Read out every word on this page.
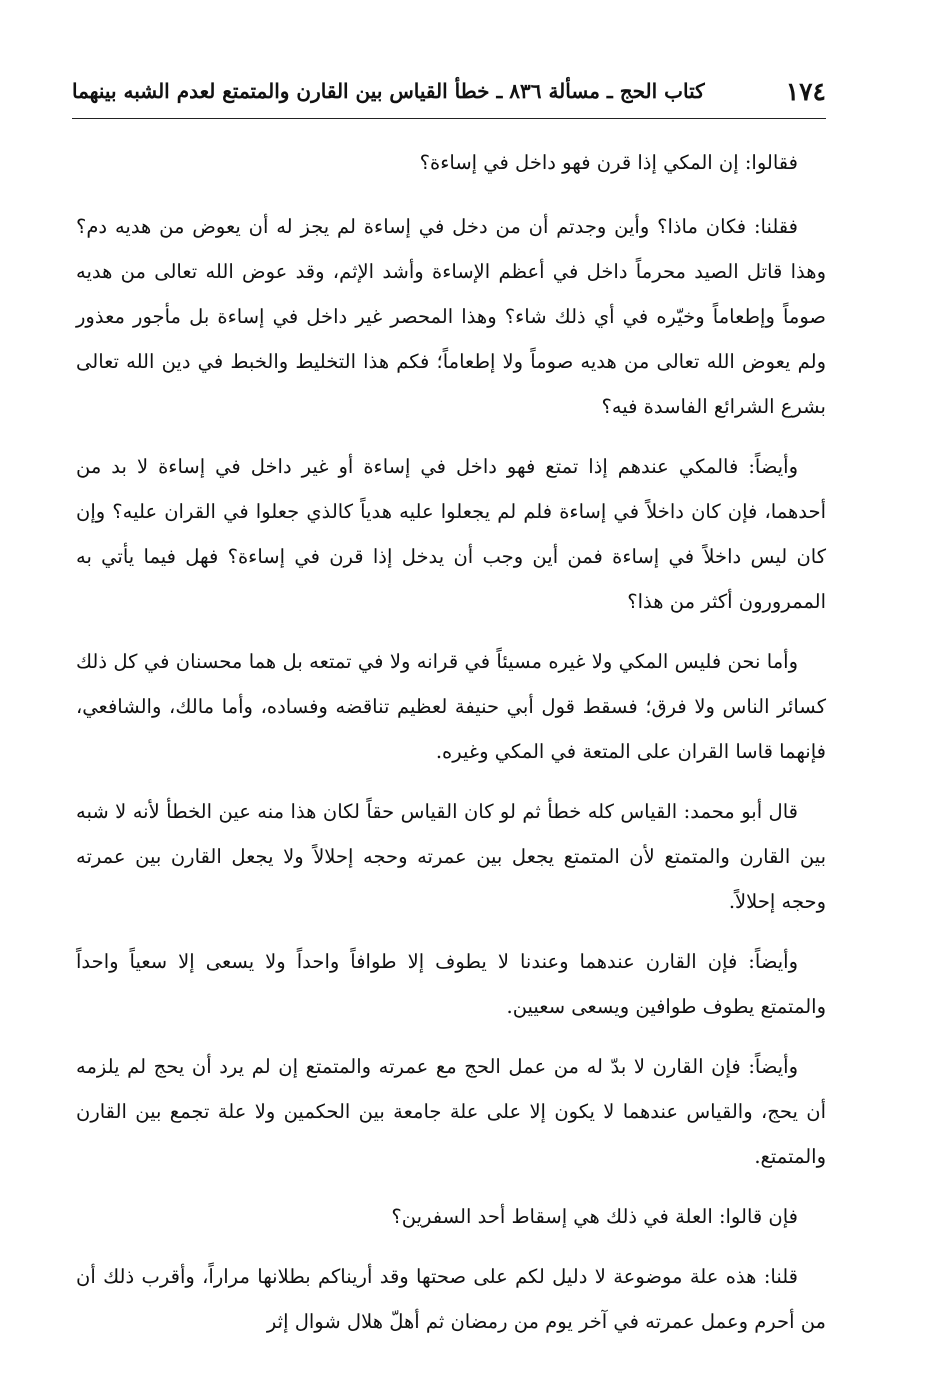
١٧٤
كتاب الحج ـ مسألة ٨٣٦ ـ خطأ القياس بين القارن والمتمتع لعدم الشبه بينهما

فقالوا: إن المكي إذا قرن فهو داخل في إساءة؟

فقلنا: فكان ماذا؟ وأين وجدتم أن من دخل في إساءة لم يجز له أن يعوض من هديه دم؟ وهذا قاتل الصيد محرماً داخل في أعظم الإساءة وأشد الإثم، وقد عوض الله تعالى من هديه صوماً وإطعاماً وخيّره في أي ذلك شاء؟ وهذا المحصر غير داخل في إساءة بل مأجور معذور ولم يعوض الله تعالى من هديه صوماً ولا إطعاماً؛ فكم هذا التخليط والخبط في دين الله تعالى بشرع الشرائع الفاسدة فيه؟

وأيضاً: فالمكي عندهم إذا تمتع فهو داخل في إساءة أو غير داخل في إساءة لا بد من أحدهما، فإن كان داخلاً في إساءة فلم لم يجعلوا عليه هدياً كالذي جعلوا في القران عليه؟ وإن كان ليس داخلاً في إساءة فمن أين وجب أن يدخل إذا قرن في إساءة؟ فهل فيما يأتي به الممرورون أكثر من هذا؟

وأما نحن فليس المكي ولا غيره مسيئاً في قرانه ولا في تمتعه بل هما محسنان في كل ذلك كسائر الناس ولا فرق؛ فسقط قول أبي حنيفة لعظيم تناقضه وفساده، وأما مالك، والشافعي، فإنهما قاسا القران على المتعة في المكي وغيره.

قال أبو محمد: القياس كله خطأ ثم لو كان القياس حقاً لكان هذا منه عين الخطأ لأنه لا شبه بين القارن والمتمتع لأن المتمتع يجعل بين عمرته وحجه إحلالاً ولا يجعل القارن بين عمرته وحجه إحلالاً.

وأيضاً: فإن القارن عندهما وعندنا لا يطوف إلا طوافاً واحداً ولا يسعى إلا سعياً واحداً والمتمتع يطوف طوافين ويسعى سعيين.

وأيضاً: فإن القارن لا بدّ له من عمل الحج مع عمرته والمتمتع إن لم يرد أن يحج لم يلزمه أن يحج، والقياس عندهما لا يكون إلا على علة جامعة بين الحكمين ولا علة تجمع بين القارن والمتمتع.

فإن قالوا: العلة في ذلك هي إسقاط أحد السفرين؟

قلنا: هذه علة موضوعة لا دليل لكم على صحتها وقد أريناكم بطلانها مراراً، وأقرب ذلك أن من أحرم وعمل عمرته في آخر يوم من رمضان ثم أهلّ هلال شوال إثر
